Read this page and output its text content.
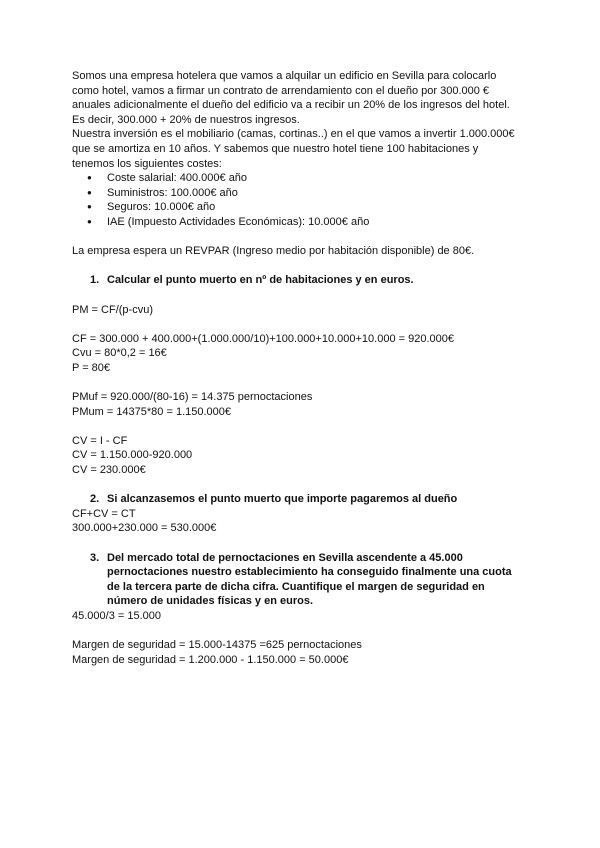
Somos una empresa hotelera que vamos a alquilar un edificio en Sevilla para colocarlo

como hotel, vamos a firmar un contrato de arrendamiento con el dueño por 300.000 €

anuales adicionalmente el dueño del edificio va a recibir un 20% de los ingresos del hotel.

Es decir, 300.000 + 20% de nuestros ingresos.

Nuestra inversión es el mobiliario (camas, cortinas..) en el que vamos a invertir 1.000.000€

que se amortiza en 10 años. Y sabemos que nuestro hotel tiene 100 habitaciones y

tenemos los siguientes costes:

● Coste salarial: 400.000€ año
● Suministros: 100.000€ año
● Seguros: 10.000€ año
● IAE (Impuesto Actividades Económicas): 10.000€ año

La empresa espera un REVPAR (Ingreso medio por habitación disponible) de 80€.

1. Calcular el punto muerto en nº de habitaciones y en euros.

PM = CF/(p-cvu)

CF = 300.000 + 400.000+(1.000.000/10)+100.000+10.000+10.000 = 920.000€

Cvu = 80*0,2 = 16€

P = 80€

PMuf = 920.000/(80-16) = 14.375 pernoctaciones

PMum = 14375*80 = 1.150.000€

CV = I - CF

CV = 1.150.000-920.000

CV = 230.000€

2. Si alcanzasemos el punto muerto que importe pagaremos al dueño

CF+CV = CT

300.000+230.000 = 530.000€

3. Del mercado total de pernoctaciones en Sevilla ascendente a 45.000
pernoctaciones nuestro establecimiento ha conseguido finalmente una cuota
de la tercera parte de dicha cifra. Cuantifique el margen de seguridad en
número de unidades físicas y en euros.

45.000/3 = 15.000

Margen de seguridad = 15.000-14375 =625 pernoctaciones

Margen de seguridad = 1.200.000 - 1.150.000 = 50.000€
